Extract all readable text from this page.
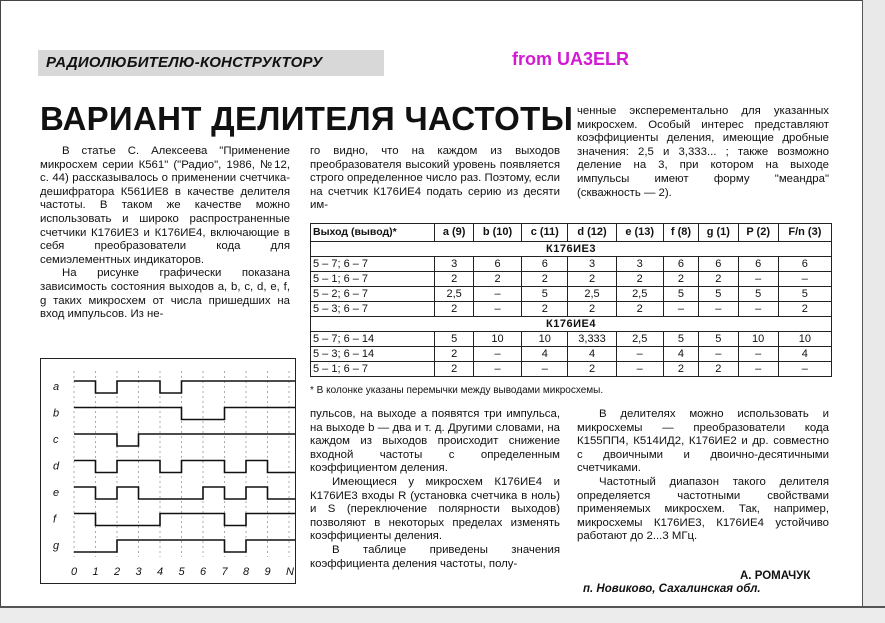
РАДИОЛЮБИТЕЛЮ-КОНСТРУКТОРУ	from UA3ELR
ВАРИАНТ ДЕЛИТЕЛЯ ЧАСТОТЫ

В статье С. Алексеева "Применение микросхем серии К561" ("Радио", 1986, №12, с. 44) рассказывалось о применении счетчика-дешифратора К561ИЕ8 в качестве делителя частоты. В таком же качестве можно использовать и широко распространенные счетчики К176ИЕ3 и К176ИЕ4, включающие в себя преобразователи кода для семиэлементных индикаторов.

На рисунке графически показана зависимость состояния выходов a, b, c, d, e, f, g таких микросхем от числа пришедших на вход импульсов. Из не-

го видно, что на каждом из выходов преобразователя высокий уровень появляется строго определенное число раз. Поэтому, если на счетчик К176ИЕ4 подать серию из десяти им-

ченные эксперементально для указанных микросхем. Особый интерес представляют коэффициенты деления, имеющие дробные значения: 2,5 и 3,333... ; также возможно деление на 3, при котором на выходе импульсы имеют форму "меандра" (скважность — 2).

Выход (вывод)*	a (9)	b (10)	c (11)	d (12)	e (13)	f (8)	g (1)	P (2)	F/n (3)
К176ИЕ3									
5 – 7; 6 – 7	3	6	6	3	3	6	6	6	6
5 – 1; 6 – 7	2	2	2	2	2	2	2	–	–
5 – 2; 6 – 7	2,5	–	5	2,5	2,5	5	5	5	5
5 – 3; 6 – 7	2	–	2	2	2	–	–	–	2
К176ИЕ4									
5 – 7; 6 – 14	5	10	10	3,333	2,5	5	5	10	10
5 – 3; 6 – 14	2	–	4	4	–	4	–	–	4
5 – 1; 6 – 7	2	–	–	2	–	2	2	–	–
* В колонке указаны перемычки между выводами микросхемы.
a
b
c
d
e
f
g
0 1 2 3 4 5 6 7 8 9 N

пульсов, на выходе a появятся три импульса, на выходе b — два и т. д. Другими словами, на каждом из выходов происходит снижение входной частоты с определенным коэффициентом деления.

Имеющиеся у микросхем К176ИЕ4 и К176ИЕ3 входы R (установка счетчика в ноль) и S (переключение полярности выходов) позволяют в некоторых пределах изменять коэффициенты деления.

В таблице приведены значения коэффициента деления частоты, полу-

В делителях можно использовать и микросхемы — преобразователи кода К155ПП4, К514ИД2, К176ИЕ2 и др. совместно с двоичными и двоично-десятичными счетчиками.

Частотный диапазон такого делителя определяется частотными свойствами применяемых микросхем. Так, например, микросхемы К176ИЕ3, К176ИЕ4 устойчиво работают до 2...3 МГц.

А. РОМАЧУК
п. Новиково, Сахалинская обл.
